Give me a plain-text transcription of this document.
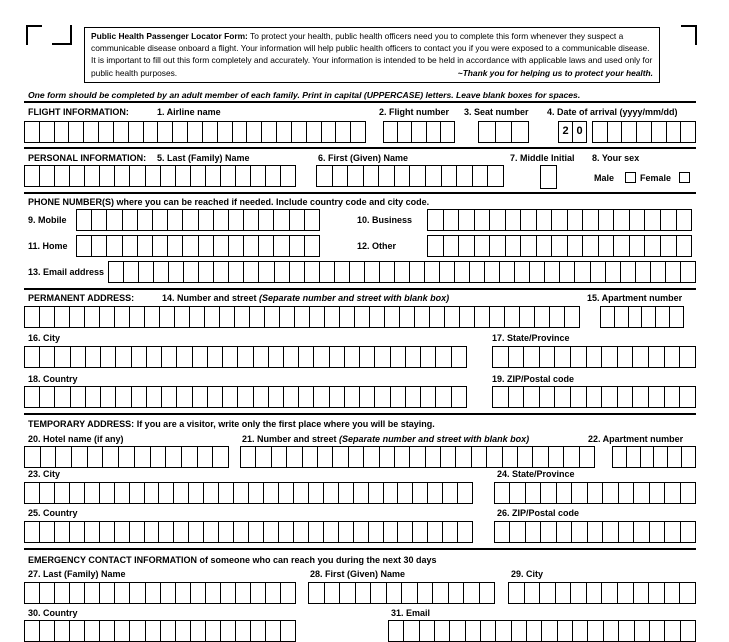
Public Health Passenger Locator Form: To protect your health, public health officers need you to complete this form whenever they suspect a communicable disease onboard a flight. Your information will help public health officers to contact you if you were exposed to a communicable disease. It is important to fill out this form completely and accurately. Your information is intended to be held in accordance with applicable laws and used only for public health purposes.	~Thank you for helping us to protect your health.
One form should be completed by an adult member of each family. Print in capital (UPPERCASE) letters. Leave blank boxes for spaces.
FLIGHT INFORMATION:	1. Airline name	2. Flight number 3. Seat number 4. Date of arrival (yyyy/mm/dd)
2 0
PERSONAL INFORMATION: 5. Last (Family) Name	6. First (Given) Name	7. Middle Initial 8. Your sex
Male	Female
PHONE NUMBER(S) where you can be reached if needed. Include country code and city code.
9. Mobile	10. Business
11. Home	12. Other
13. Email address
PERMANENT ADDRESS:	14. Number and street (Separate number and street with blank box)	15. Apartment number
16. City	17. State/Province
18. Country	19. ZIP/Postal code
TEMPORARY ADDRESS: If you are a visitor, write only the first place where you will be staying.
20. Hotel name (if any)	21. Number and street (Separate number and street with blank box)	22. Apartment number
23. City	24. State/Province
25. Country	26. ZIP/Postal code
EMERGENCY CONTACT INFORMATION of someone who can reach you during the next 30 days
27. Last (Family) Name	28. First (Given) Name	29. City
30. Country	31. Email
